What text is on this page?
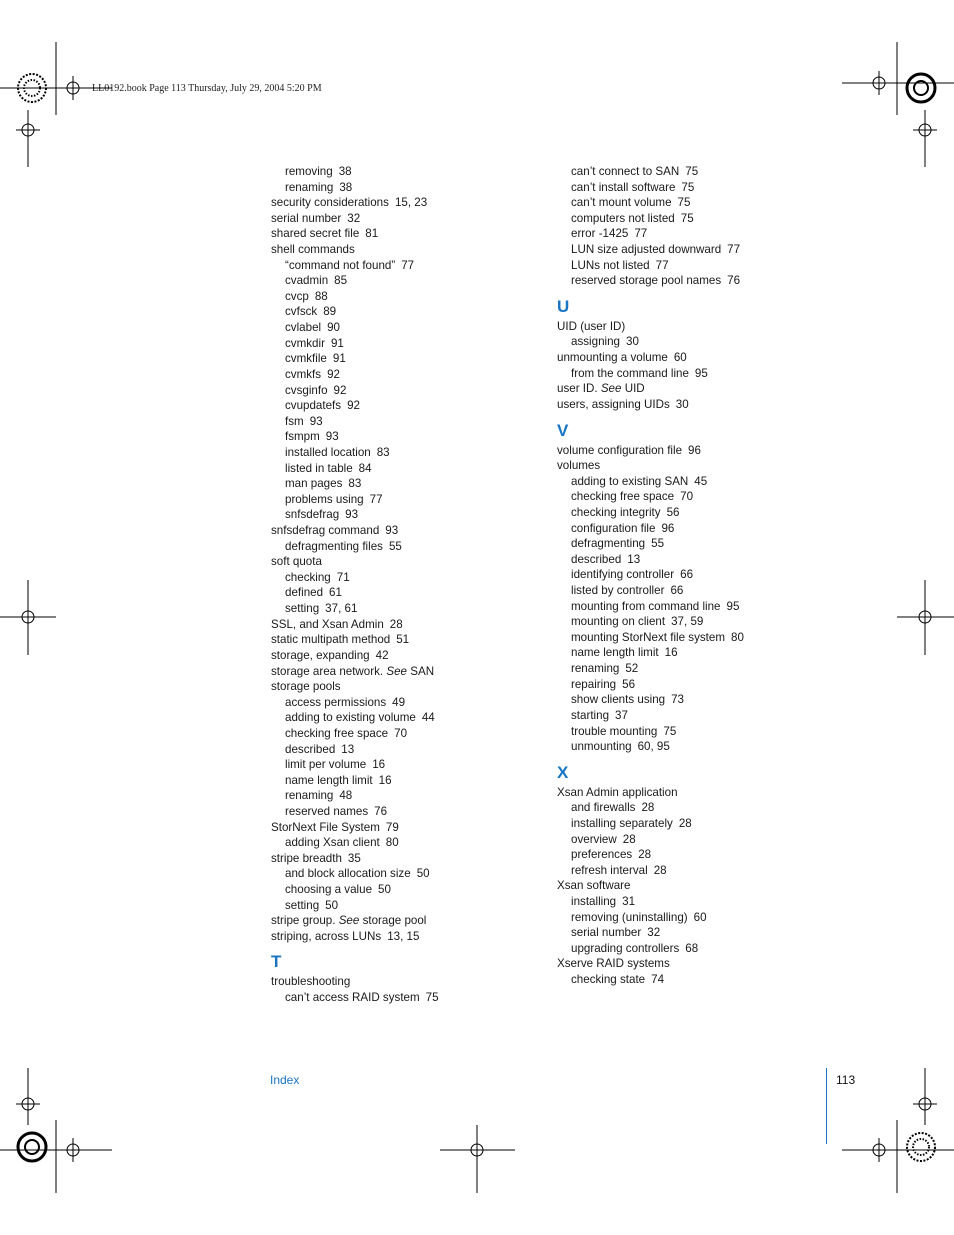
LL0192.book Page 113 Thursday, July 29, 2004 5:20 PM
removing 38
renaming 38
security considerations 15, 23
serial number 32
shared secret file 81
shell commands
“command not found” 77
cvadmin 85
cvcp 88
cvfsck 89
cvlabel 90
cvmkdir 91
cvmkfile 91
cvmkfs 92
cvsginfo 92
cvupdatefs 92
fsm 93
fsmpm 93
installed location 83
listed in table 84
man pages 83
problems using 77
snfsdefrag 93
snfsdefrag command 93
defragmenting files 55
soft quota
checking 71
defined 61
setting 37, 61
SSL, and Xsan Admin 28
static multipath method 51
storage, expanding 42
storage area network. See SAN
storage pools
access permissions 49
adding to existing volume 44
checking free space 70
described 13
limit per volume 16
name length limit 16
renaming 48
reserved names 76
StorNext File System 79
adding Xsan client 80
stripe breadth 35
and block allocation size 50
choosing a value 50
setting 50
stripe group. See storage pool
striping, across LUNs 13, 15
T
troubleshooting
can’t access RAID system 75
can’t connect to SAN 75
can’t install software 75
can’t mount volume 75
computers not listed 75
error -1425 77
LUN size adjusted downward 77
LUNs not listed 77
reserved storage pool names 76
U
UID (user ID)
assigning 30
unmounting a volume 60
from the command line 95
user ID. See UID
users, assigning UIDs 30
V
volume configuration file 96
volumes
adding to existing SAN 45
checking free space 70
checking integrity 56
configuration file 96
defragmenting 55
described 13
identifying controller 66
listed by controller 66
mounting from command line 95
mounting on client 37, 59
mounting StorNext file system 80
name length limit 16
renaming 52
repairing 56
show clients using 73
starting 37
trouble mounting 75
unmounting 60, 95
X
Xsan Admin application
and firewalls 28
installing separately 28
overview 28
preferences 28
refresh interval 28
Xsan software
installing 31
removing (uninstalling) 60
serial number 32
upgrading controllers 68
Xserve RAID systems
checking state 74
Index	113
